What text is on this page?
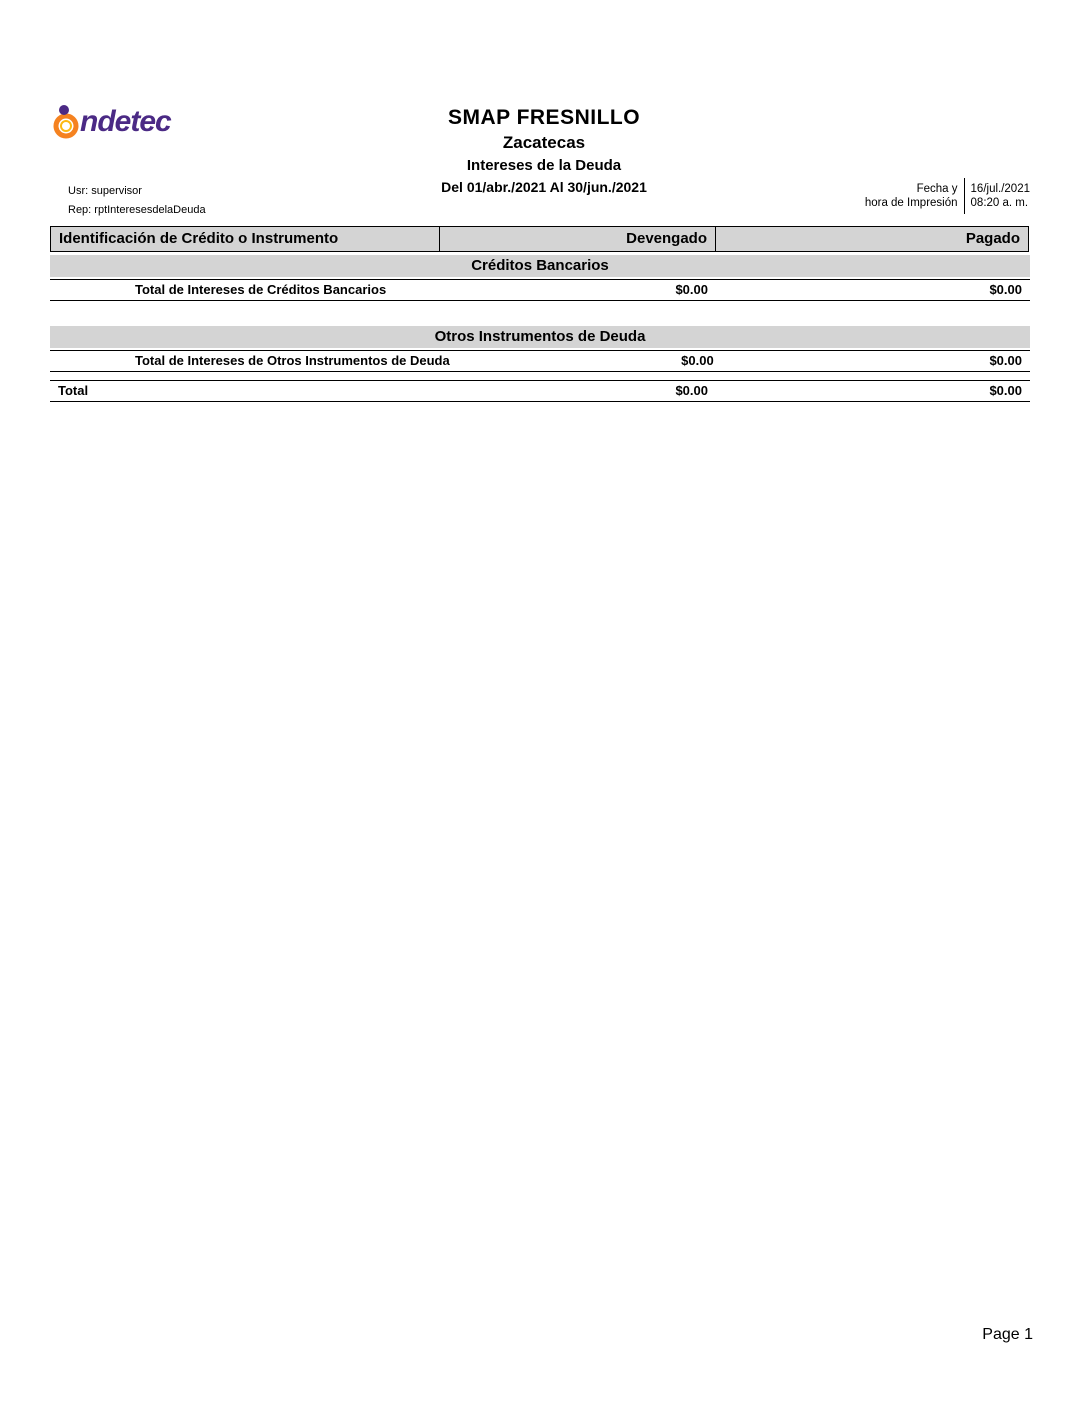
ndetec	SMAP FRESNILLO
Zacatecas
Intereses de la Deuda
Del 01/abr./2021 Al 30/jun./2021
Usr: supervisor
Rep: rptInteresesdelaDeuda
Fecha y
hora de Impresión
16/jul./2021
08:20 a. m.
Identificación de Crédito o Instrumento	Devengado	Pagado
Créditos Bancarios
Total de Intereses de Créditos Bancarios	$0.00	$0.00
Otros Instrumentos de Deuda
Total de Intereses de Otros Instrumentos de Deuda	$0.00	$0.00
Total	$0.00	$0.00
Page 1
